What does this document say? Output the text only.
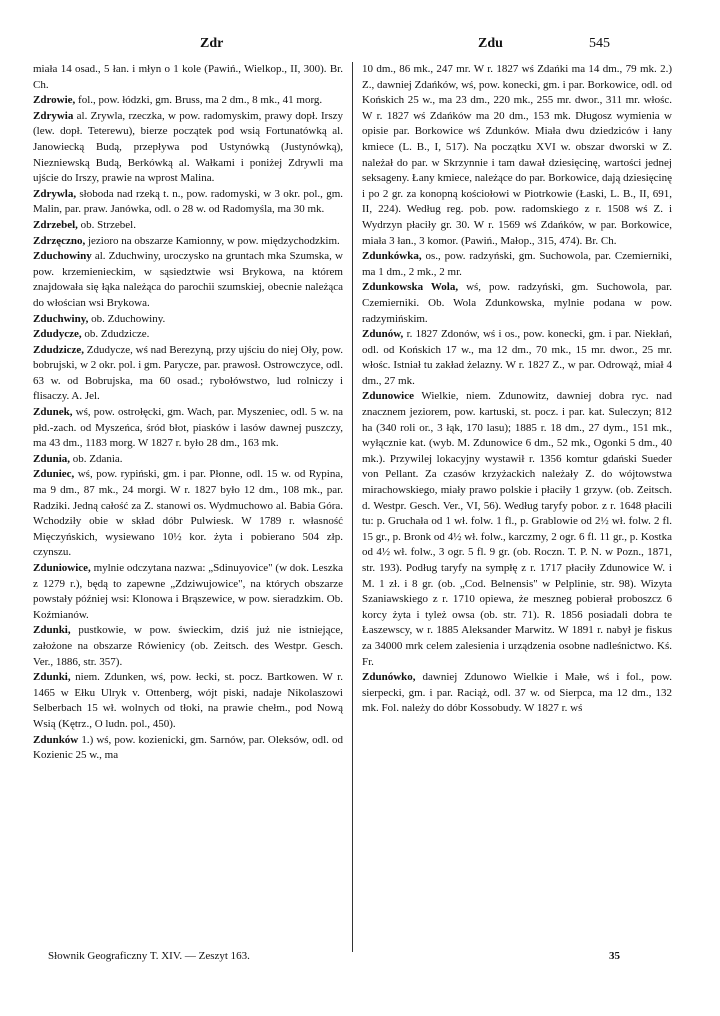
Zdr	Zdu	545

miała 14 osad., 5 łan. i młyn o 1 kole (Pawiń., Wielkop., II, 300). Br. Ch.

Zdrowie, fol., pow. łódzki, gm. Bruss, ma 2 dm., 8 mk., 41 morg.

Zdrywia al. Zrywla, rzeczka, w pow. radomyskim, prawy dopł. Irszy (lew. dopł. Teterewu), bierze początek pod wsią Fortunatówką al. Janowiecką Budą, przepływa pod Ustynówką (Justynówką), Niezniewską Budą, Berkówką al. Wałkami i poniżej Zdrywli ma ujście do Irszy, prawie na wprost Malina.

Zdrywla, słoboda nad rzeką t. n., pow. radomyski, w 3 okr. pol., gm. Malin, par. praw. Janówka, odl. o 28 w. od Radomyśla, ma 30 mk.

Zdrzebel, ob. Strzebel.

Zdrzęczno, jezioro na obszarze Kamionny, w pow. międzychodzkim.

Zduchowiny al. Zduchwiny, uroczysko na gruntach mka Szumska, w pow. krzemienieckim, w sąsiedztwie wsi Brykowa, na którem znajdowała się łąka należąca do parochii szumskiej, obecnie należąca do włościan wsi Brykowa.

Zduchwiny, ob. Zduchowiny.

Zdudycze, ob. Zdudzicze.

Zdudzicze, Zdudycze, wś nad Berezyną, przy ujściu do niej Oły, pow. bobrujski, w 2 okr. pol. i gm. Parycze, par. prawosł. Ostrowczyce, odl. 63 w. od Bobrujska, ma 60 osad.; rybołówstwo, lud rolniczy i flisaczy. A. Jel.

Zdunek, wś, pow. ostrołęcki, gm. Wach, par. Myszeniec, odl. 5 w. na płd.-zach. od Myszeńca, śród błot, piasków i lasów dawnej puszczy, ma 43 dm., 1183 morg. W 1827 r. było 28 dm., 163 mk.

Zdunia, ob. Zdania.

Zduniec, wś, pow. rypiński, gm. i par. Płonne, odl. 15 w. od Rypina, ma 9 dm., 87 mk., 24 morgi. W r. 1827 było 12 dm., 108 mk., par. Radziki. Jedną całość za Z. stanowi os. Wydmuchowo al. Babia Góra. Wchodziły obie w skład dóbr Pulwiesk. W 1789 r. własność Mięczyńskich, wysiewano 10½ kor. żyta i pobierano 504 złp. czynszu.

Zduniowice, mylnie odczytana nazwa: „Sdinuyovice" (w dok. Leszka z 1279 r.), będą to zapewne „Zdziwujowice", na których obszarze powstały później wsi: Klonowa i Brąszewice, w pow. sieradzkim. Ob. Koźmianów.

Zdunki, pustkowie, w pow. świeckim, dziś już nie istniejące, założone na obszarze Rówienicy (ob. Zeitsch. des Westpr. Gesch. Ver., 1886, str. 357).

Zdunki, niem. Zdunken, wś, pow. łecki, st. pocz. Bartkowen. W r. 1465 w Ełku Ulryk v. Ottenberg, wójt piski, nadaje Nikolaszowi Selberbach 15 wł. wolnych od tłoki, na prawie chełm., pod Nową Wsią (Kętrz., O ludn. pol., 450).

Zdunków 1.) wś, pow. kozienicki, gm. Sarnów, par. Oleksów, odl. od Kozienic 25 w., ma

10 dm., 86 mk., 247 mr. W r. 1827 wś Zdańki ma 14 dm., 79 mk. 2.) Z., dawniej Zdańków, wś, pow. konecki, gm. i par. Borkowice, odl. od Końskich 25 w., ma 23 dm., 220 mk., 255 mr. dwor., 311 mr. włośc. W r. 1827 wś Zdańków ma 20 dm., 153 mk. Długosz wymienia w opisie par. Borkowice wś Zdunków. Miała dwu dziedziców i łany kmiece (L. B., I, 517). Na początku XVI w. obszar dworski w Z. należał do par. w Skrzynnie i tam dawał dziesięcinę, wartości jednej seksageny. Łany kmiece, należące do par. Borkowice, dają dziesięcinę i po 2 gr. za konopną kościołowi w Piotrkowie (Łaski, L. B., II, 691, II, 224). Według reg. pob. pow. radomskiego z r. 1508 wś Z. i Wydrzyn płaciły gr. 30. W r. 1569 wś Zdańków, w par. Borkowice, miała 3 łan., 3 komor. (Pawiń., Małop., 315, 474). Br. Ch.

Zdunkówka, os., pow. radzyński, gm. Suchowola, par. Czemierniki, ma 1 dm., 2 mk., 2 mr.

Zdunkowska Wola, wś, pow. radzyński, gm. Suchowola, par. Czemierniki. Ob. Wola Zdunkowska, mylnie podana w pow. radzymińskim.

Zdunów, r. 1827 Zdonów, wś i os., pow. konecki, gm. i par. Niekłań, odl. od Końskich 17 w., ma 12 dm., 70 mk., 15 mr. dwor., 25 mr. włośc. Istniał tu zakład żelazny. W r. 1827 Z., w par. Odrowąż, miał 4 dm., 27 mk.

Zdunowice Wielkie, niem. Zdunowitz, dawniej dobra ryc. nad znacznem jeziorem, pow. kartuski, st. pocz. i par. kat. Suleczyn; 812 ha (340 roli or., 3 łąk, 170 lasu); 1885 r. 18 dm., 27 dym., 151 mk., wyłącznie kat. (wyb. M. Zdunowice 6 dm., 52 mk., Ogonki 5 dm., 40 mk.). Przywilej lokacyjny wystawił r. 1356 komtur gdański Sueder von Pellant. Za czasów krzyżackich należały Z. do wójtowstwa mirachowskiego, miały prawo polskie i płaciły 1 grzyw. (ob. Zeitsch. d. Westpr. Gesch. Ver., VI, 56). Według taryfy pobor. z r. 1648 płacili tu: p. Gruchała od 1 wł. folw. 1 fl., p. Grablowie od 2½ wł. folw. 2 fl. 15 gr., p. Bronk od 4½ wł. folw., karczmy, 2 ogr. 6 fl. 11 gr., p. Kostka od 4½ wł. folw., 3 ogr. 5 fl. 9 gr. (ob. Roczn. T. P. N. w Pozn., 1871, str. 193). Podług taryfy na sympłę z r. 1717 płaciły Zdunowice W. i M. 1 zł. i 8 gr. (ob. „Cod. Belnensis" w Pelplinie, str. 98). Wizyta Szaniawskiego z r. 1710 opiewa, że meszneg pobierał proboszcz 6 korcy żyta i tyleż owsa (ob. str. 71). R. 1856 posiadali dobra te Łaszewscy, w r. 1885 Aleksander Marwitz. W 1891 r. nabył je fiskus za 34000 mrk celem zalesienia i urządzenia osobne nadleśnictwo. Kś. Fr.

Zdunówko, dawniej Zdunowo Wielkie i Małe, wś i fol., pow. sierpecki, gm. i par. Raciąż, odl. 37 w. od Sierpca, ma 12 dm., 132 mk. Fol. należy do dóbr Kossobudy. W 1827 r. wś

Słownik Geograficzny T. XIV. — Zeszyt 163.	35
